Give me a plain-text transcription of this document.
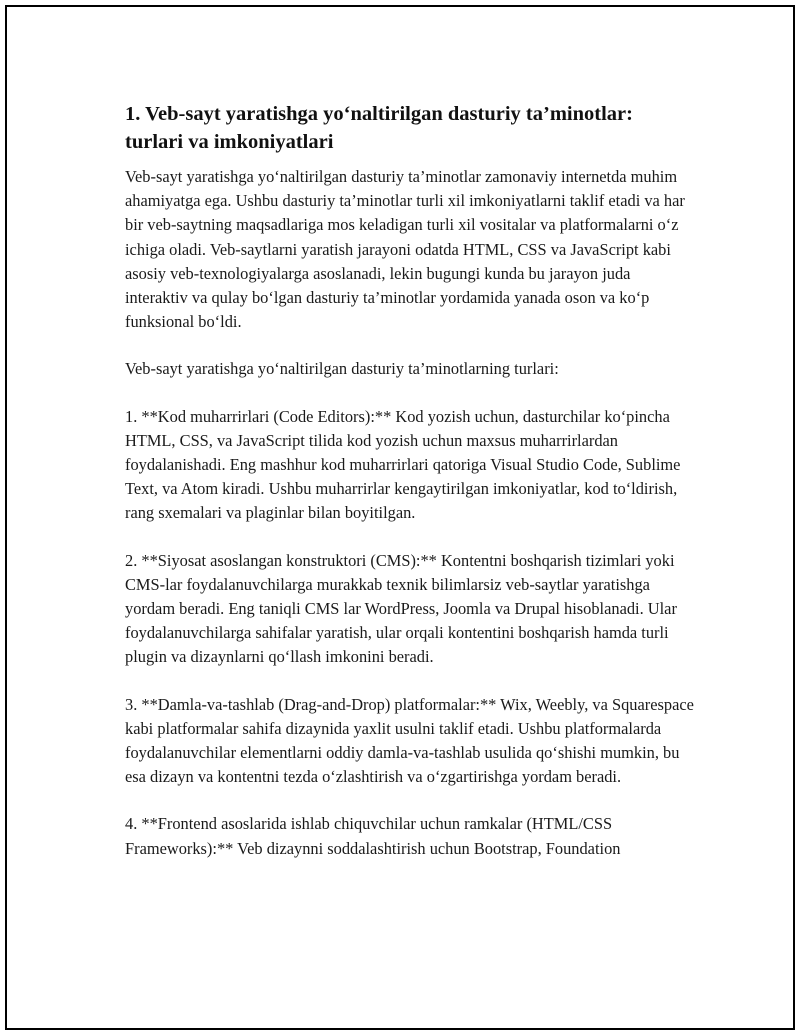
1. Veb-sayt yaratishga yo‘naltirilgan dasturiy ta’minotlar: turlari va imkoniyatlari

Veb-sayt yaratishga yo‘naltirilgan dasturiy ta’minotlar zamonaviy internetda muhim ahamiyatga ega. Ushbu dasturiy ta’minotlar turli xil imkoniyatlarni taklif etadi va har bir veb-saytning maqsadlariga mos keladigan turli xil vositalar va platformalarni o‘z ichiga oladi. Veb-saytlarni yaratish jarayoni odatda HTML, CSS va JavaScript kabi asosiy veb-texnologiyalarga asoslanadi, lekin bugungi kunda bu jarayon juda interaktiv va qulay bo‘lgan dasturiy ta’minotlar yordamida yanada oson va ko‘p funksional bo‘ldi.

Veb-sayt yaratishga yo‘naltirilgan dasturiy ta’minotlarning turlari:

1. **Kod muharrirlari (Code Editors):** Kod yozish uchun, dasturchilar ko‘pincha HTML, CSS, va JavaScript tilida kod yozish uchun maxsus muharrirlardan foydalanishadi. Eng mashhur kod muharrirlari qatoriga Visual Studio Code, Sublime Text, va Atom kiradi. Ushbu muharrirlar kengaytirilgan imkoniyatlar, kod to‘ldirish, rang sxemalari va plaginlar bilan boyitilgan.

2. **Siyosat asoslangan konstruktori (CMS):** Kontentni boshqarish tizimlari yoki CMS-lar foydalanuvchilarga murakkab texnik bilimlarsiz veb-saytlar yaratishga yordam beradi. Eng taniqli CMS lar WordPress, Joomla va Drupal hisoblanadi. Ular foydalanuvchilarga sahifalar yaratish, ular orqali kontentini boshqarish hamda turli plugin va dizaynlarni qo‘llash imkonini beradi.

3. **Damla-va-tashlab (Drag-and-Drop) platformalar:** Wix, Weebly, va Squarespace kabi platformalar sahifa dizaynida yaxlit usulni taklif etadi. Ushbu platformalarda foydalanuvchilar elementlarni oddiy damla-va-tashlab usulida qo‘shishi mumkin, bu esa dizayn va kontentni tezda o‘zlashtirish va o‘zgartirishga yordam beradi.

4. **Frontend asoslarida ishlab chiquvchilar uchun ramkalar (HTML/CSS Frameworks):** Veb dizaynni soddalashtirish uchun Bootstrap, Foundation
